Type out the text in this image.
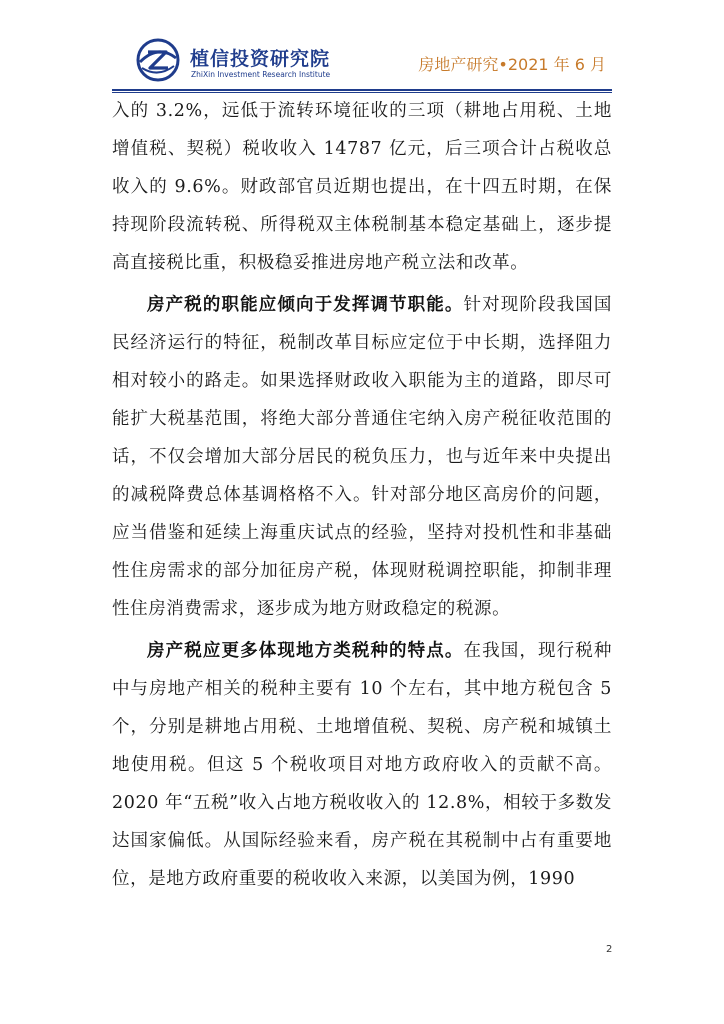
植信投资研究院
ZhiXin Investment Research Institute
房地产研究•2021 年 6 月

入的 3.2%，远低于流转环境征收的三项（耕地占用税、土地增值税、契税）税收收入 14787 亿元，后三项合计占税收总收入的 9.6%。财政部官员近期也提出，在十四五时期，在保持现阶段流转税、所得税双主体税制基本稳定基础上，逐步提高直接税比重，积极稳妥推进房地产税立法和改革。

房产税的职能应倾向于发挥调节职能。针对现阶段我国国民经济运行的特征，税制改革目标应定位于中长期，选择阻力相对较小的路走。如果选择财政收入职能为主的道路，即尽可能扩大税基范围，将绝大部分普通住宅纳入房产税征收范围的话，不仅会增加大部分居民的税负压力，也与近年来中央提出的减税降费总体基调格格不入。针对部分地区高房价的问题，应当借鉴和延续上海重庆试点的经验，坚持对投机性和非基础性住房需求的部分加征房产税，体现财税调控职能，抑制非理性住房消费需求，逐步成为地方财政稳定的税源。

房产税应更多体现地方类税种的特点。在我国，现行税种中与房地产相关的税种主要有 10 个左右，其中地方税包含 5 个，分别是耕地占用税、土地增值税、契税、房产税和城镇土地使用税。但这 5 个税收项目对地方政府收入的贡献不高。2020 年“五税”收入占地方税收收入的 12.8%，相较于多数发达国家偏低。从国际经验来看，房产税在其税制中占有重要地位，是地方政府重要的税收收入来源，以美国为例，1990

2
